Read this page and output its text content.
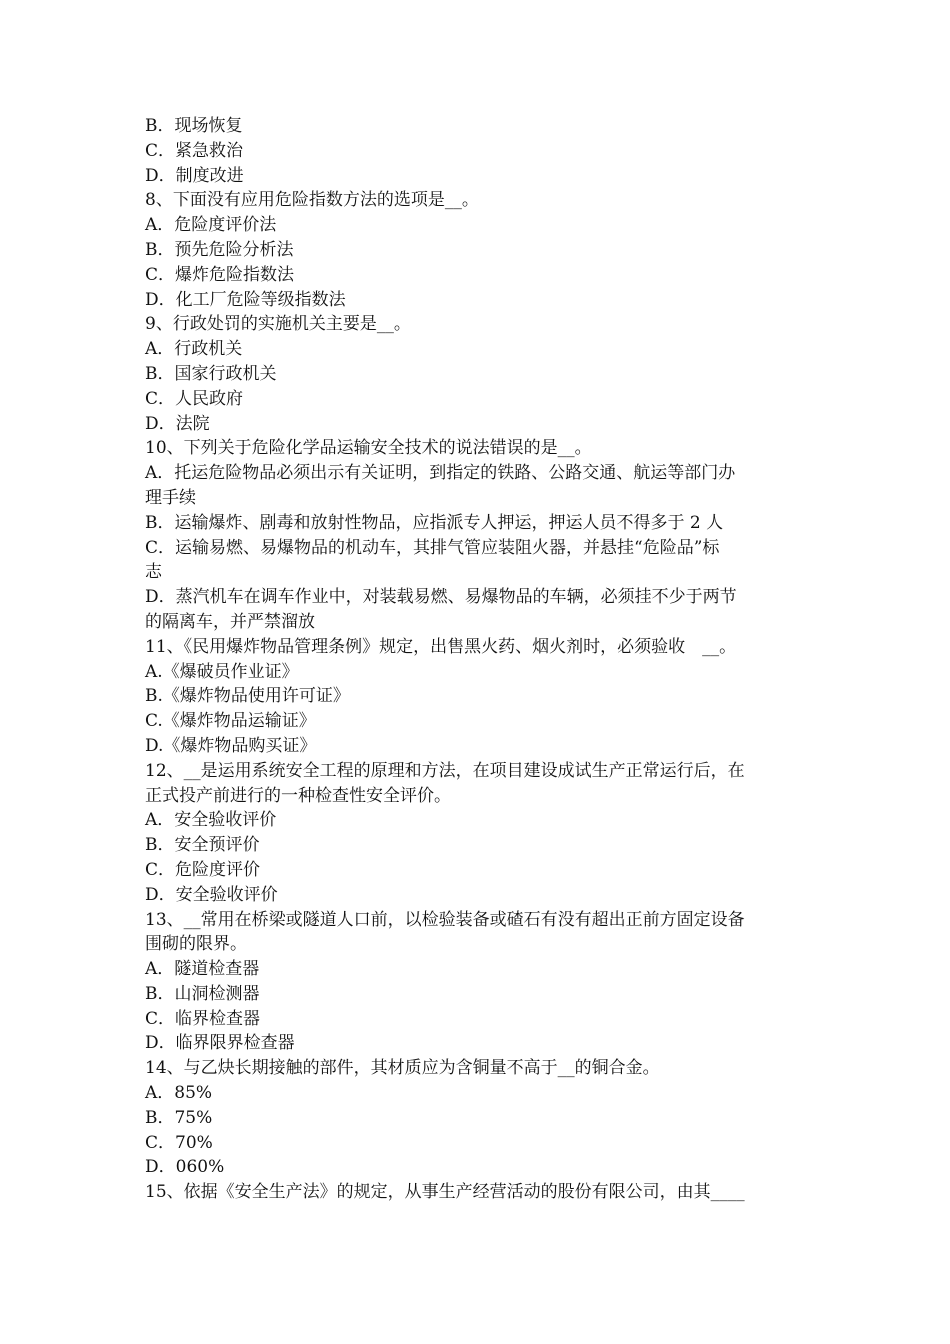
B．现场恢复
C．紧急救治
D．制度改进
8、下面没有应用危险指数方法的选项是__。
A．危险度评价法
B．预先危险分析法
C．爆炸危险指数法
D．化工厂危险等级指数法
9、行政处罚的实施机关主要是__。
A．行政机关
B．国家行政机关
C．人民政府
D．法院
10、下列关于危险化学品运输安全技术的说法错误的是__。
A．托运危险物品必须出示有关证明，到指定的铁路、公路交通、航运等部门办
理手续
B．运输爆炸、剧毒和放射性物品，应指派专人押运，押运人员不得多于 2 人
C．运输易燃、易爆物品的机动车，其排气管应装阻火器，并悬挂“危险品”标
志
D．蒸汽机车在调车作业中，对装载易燃、易爆物品的车辆，必须挂不少于两节
的隔离车，并严禁溜放
11、《民用爆炸物品管理条例》规定，出售黑火药、烟火剂时，必须验收　__。
A.《爆破员作业证》
B.《爆炸物品使用许可证》
C.《爆炸物品运输证》
D.《爆炸物品购买证》
12、__是运用系统安全工程的原理和方法，在项目建设成试生产正常运行后，在
正式投产前进行的一种检查性安全评价。
A．安全验收评价
B．安全预评价
C．危险度评价
D．安全验收评价
13、__常用在桥梁或隧道人口前，以检验装备或碴石有没有超出正前方固定设备
围砌的限界。
A．隧道检查器
B．山洞检测器
C．临界检查器
D．临界限界检查器
14、与乙炔长期接触的部件，其材质应为含铜量不高于__的铜合金。
A．85%
B．75%
C．70%
D．060%
15、依据《安全生产法》的规定，从事生产经营活动的股份有限公司，由其____
